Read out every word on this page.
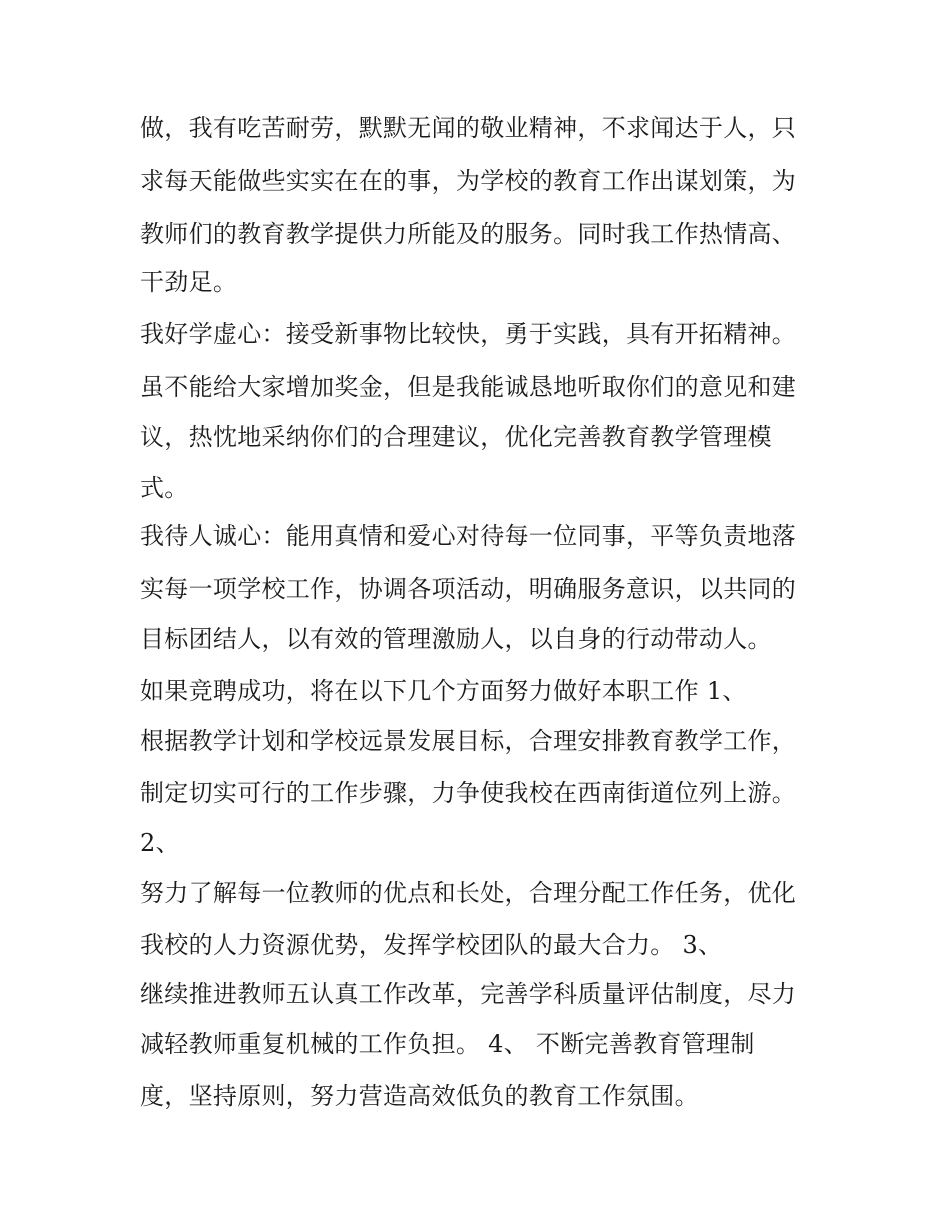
做，我有吃苦耐劳，默默无闻的敬业精神，不求闻达于人，只

求每天能做些实实在在的事，为学校的教育工作出谋划策，为

教师们的教育教学提供力所能及的服务。同时我工作热情高、

干劲足。

我好学虚心：接受新事物比较快，勇于实践，具有开拓精神。

虽不能给大家增加奖金，但是我能诚恳地听取你们的意见和建

议，热忱地采纳你们的合理建议，优化完善教育教学管理模

式。

我待人诚心：能用真情和爱心对待每一位同事，平等负责地落

实每一项学校工作，协调各项活动，明确服务意识，以共同的

目标团结人，以有效的管理激励人，以自身的行动带动人。

如果竞聘成功，将在以下几个方面努力做好本职工作 1、

根据教学计划和学校远景发展目标，合理安排教育教学工作，

制定切实可行的工作步骤，力争使我校在西南街道位列上游。

2、

努力了解每一位教师的优点和长处，合理分配工作任务，优化

我校的人力资源优势，发挥学校团队的最大合力。 3、

继续推进教师五认真工作改革，完善学科质量评估制度，尽力

减轻教师重复机械的工作负担。 4、 不断完善教育管理制

度，坚持原则，努力营造高效低负的教育工作氛围。
